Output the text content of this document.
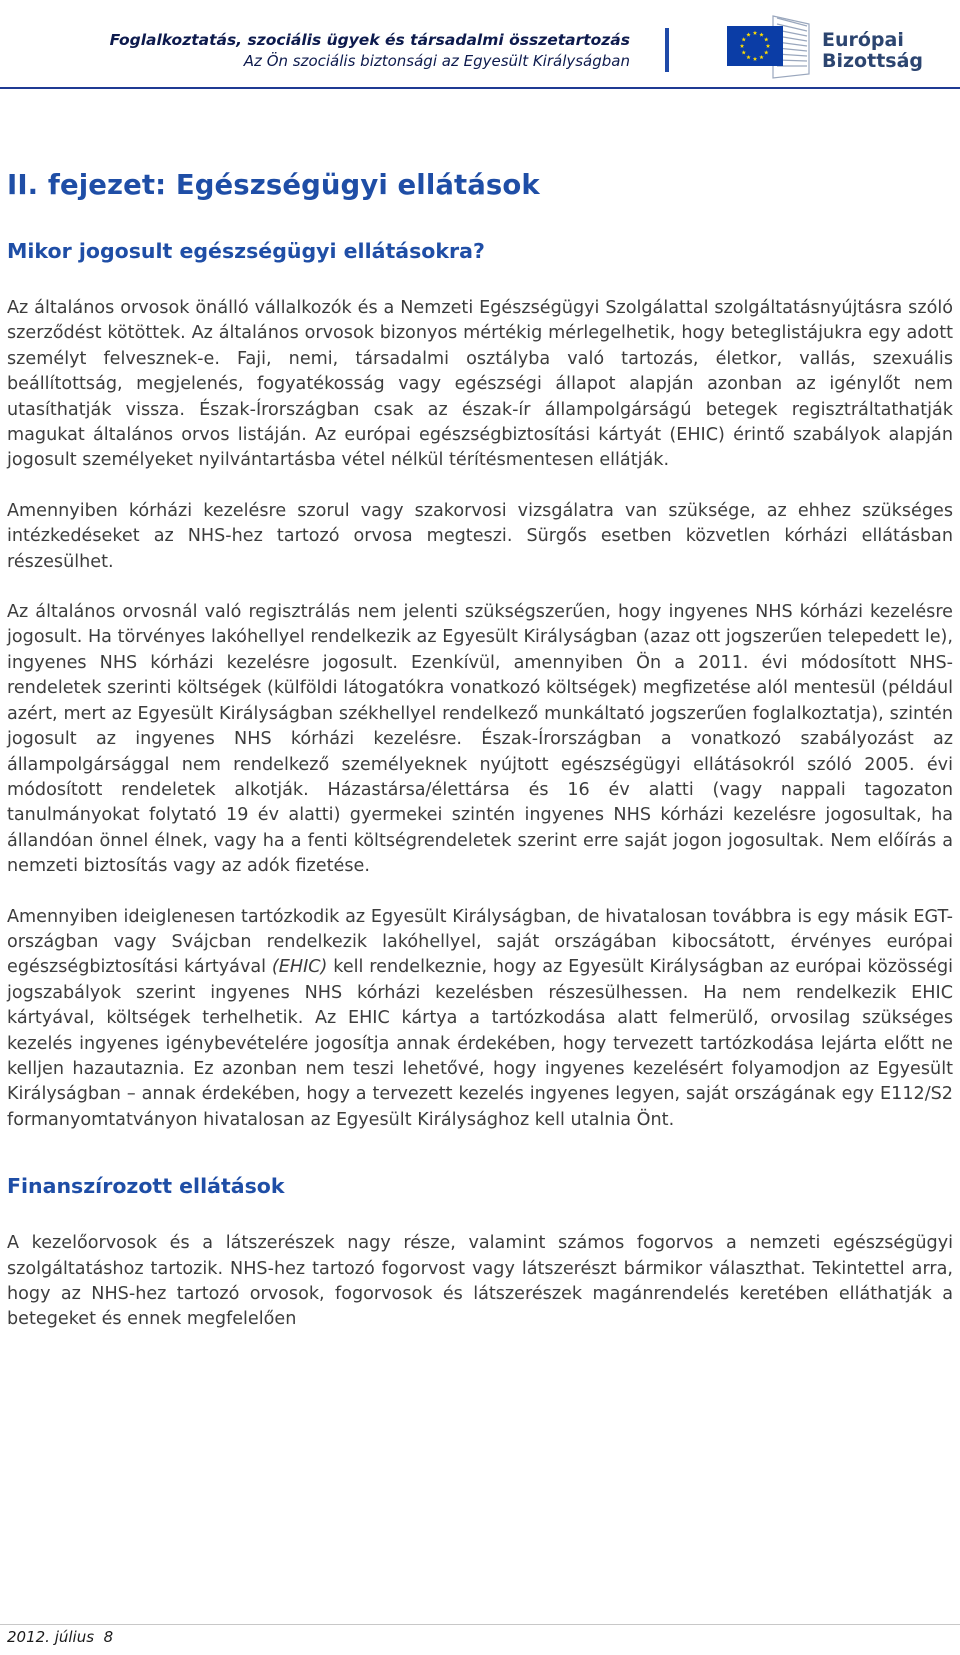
Foglalkoztatás, szociális ügyek és társadalmi összetartozás
Az Ön szociális biztonsági az Egyesült Királyságban
Európai
Bizottság
II. fejezet: Egészségügyi ellátások
Mikor jogosult egészségügyi ellátásokra?

Az általános orvosok önálló vállalkozók és a Nemzeti Egészségügyi Szolgálattal szolgáltatásnyújtásra szóló szerződést kötöttek. Az általános orvosok bizonyos mértékig mérlegelhetik, hogy beteglistájukra egy adott személyt felvesznek-e. Faji, nemi, társadalmi osztályba való tartozás, életkor, vallás, szexuális beállítottság, megjelenés, fogyatékosság vagy egészségi állapot alapján azonban az igénylőt nem utasíthatják vissza. Észak-Írországban csak az észak-ír állampolgárságú betegek regisztráltathatják magukat általános orvos listáján. Az európai egészségbiztosítási kártyát (EHIC) érintő szabályok alapján jogosult személyeket nyilvántartásba vétel nélkül térítésmentesen ellátják.

Amennyiben kórházi kezelésre szorul vagy szakorvosi vizsgálatra van szüksége, az ehhez szükséges intézkedéseket az NHS-hez tartozó orvosa megteszi. Sürgős esetben közvetlen kórházi ellátásban részesülhet.

Az általános orvosnál való regisztrálás nem jelenti szükségszerűen, hogy ingyenes NHS kórházi kezelésre jogosult. Ha törvényes lakóhellyel rendelkezik az Egyesült Királyságban (azaz ott jogszerűen telepedett le), ingyenes NHS kórházi kezelésre jogosult. Ezenkívül, amennyiben Ön a 2011. évi módosított NHS-rendeletek szerinti költségek (külföldi látogatókra vonatkozó költségek) megfizetése alól mentesül (például azért, mert az Egyesült Királyságban székhellyel rendelkező munkáltató jogszerűen foglalkoztatja), szintén jogosult az ingyenes NHS kórházi kezelésre. Észak-Írországban a vonatkozó szabályozást az állampolgársággal nem rendelkező személyeknek nyújtott egészségügyi ellátásokról szóló 2005. évi módosított rendeletek alkotják. Házastársa/élettársa és 16 év alatti (vagy nappali tagozaton tanulmányokat folytató 19 év alatti) gyermekei szintén ingyenes NHS kórházi kezelésre jogosultak, ha állandóan önnel élnek, vagy ha a fenti költségrendeletek szerint erre saját jogon jogosultak. Nem előírás a nemzeti biztosítás vagy az adók fizetése.

Amennyiben ideiglenesen tartózkodik az Egyesült Királyságban, de hivatalosan továbbra is egy másik EGT-országban vagy Svájcban rendelkezik lakóhellyel, saját országában kibocsátott, érvényes európai egészségbiztosítási kártyával (EHIC) kell rendelkeznie, hogy az Egyesült Királyságban az európai közösségi jogszabályok szerint ingyenes NHS kórházi kezelésben részesülhessen. Ha nem rendelkezik EHIC kártyával, költségek terhelhetik. Az EHIC kártya a tartózkodása alatt felmerülő, orvosilag szükséges kezelés ingyenes igénybevételére jogosítja annak érdekében, hogy tervezett tartózkodása lejárta előtt ne kelljen hazautaznia. Ez azonban nem teszi lehetővé, hogy ingyenes kezelésért folyamodjon az Egyesült Királyságban – annak érdekében, hogy a tervezett kezelés ingyenes legyen, saját országának egy E112/S2 formanyomtatványon hivatalosan az Egyesült Királysághoz kell utalnia Önt.

Finanszírozott ellátások

A kezelőorvosok és a látszerészek nagy része, valamint számos fogorvos a nemzeti egészségügyi szolgáltatáshoz tartozik. NHS-hez tartozó fogorvost vagy látszerészt bármikor választhat. Tekintettel arra, hogy az NHS-hez tartozó orvosok, fogorvosok és látszerészek magánrendelés keretében elláthatják a betegeket és ennek megfelelően

2012. július 8
